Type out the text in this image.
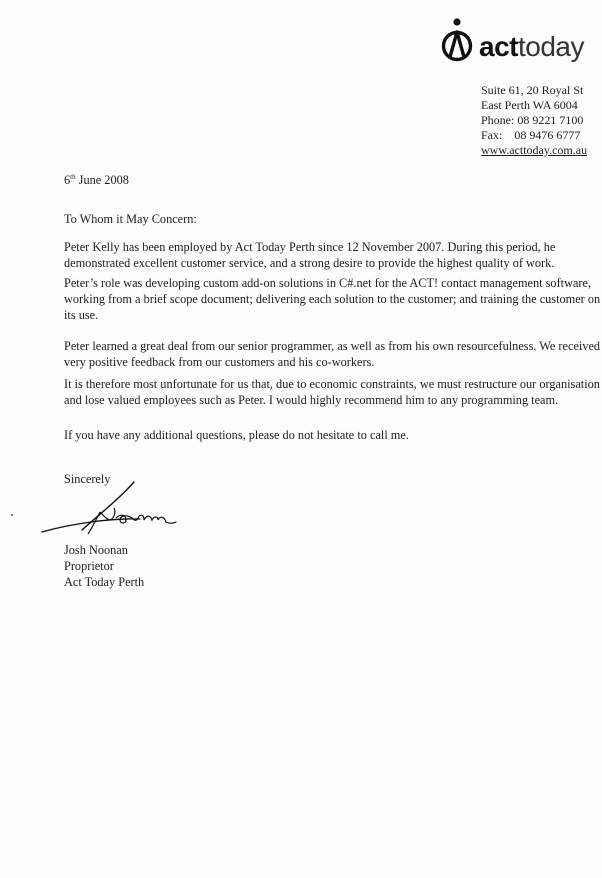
acttoday
Suite 61, 20 Royal St
East Perth WA 6004
Phone: 08 9221 7100
Fax: 08 9476 6777
www.acttoday.com.au
6th June 2008
To Whom it May Concern:
Peter Kelly has been employed by Act Today Perth since 12 November 2007. During this period, he
demonstrated excellent customer service, and a strong desire to provide the highest quality of work.
Peter’s role was developing custom add-on solutions in C#.net for the ACT! contact management software,
working from a brief scope document; delivering each solution to the customer; and training the customer on
its use.
Peter learned a great deal from our senior programmer, as well as from his own resourcefulness. We received
very positive feedback from our customers and his co-workers.
It is therefore most unfortunate for us that, due to economic constraints, we must restructure our organisation
and lose valued employees such as Peter. I would highly recommend him to any programming team.
If you have any additional questions, please do not hesitate to call me.
Sincerely
Josh Noonan
Proprietor
Act Today Perth
